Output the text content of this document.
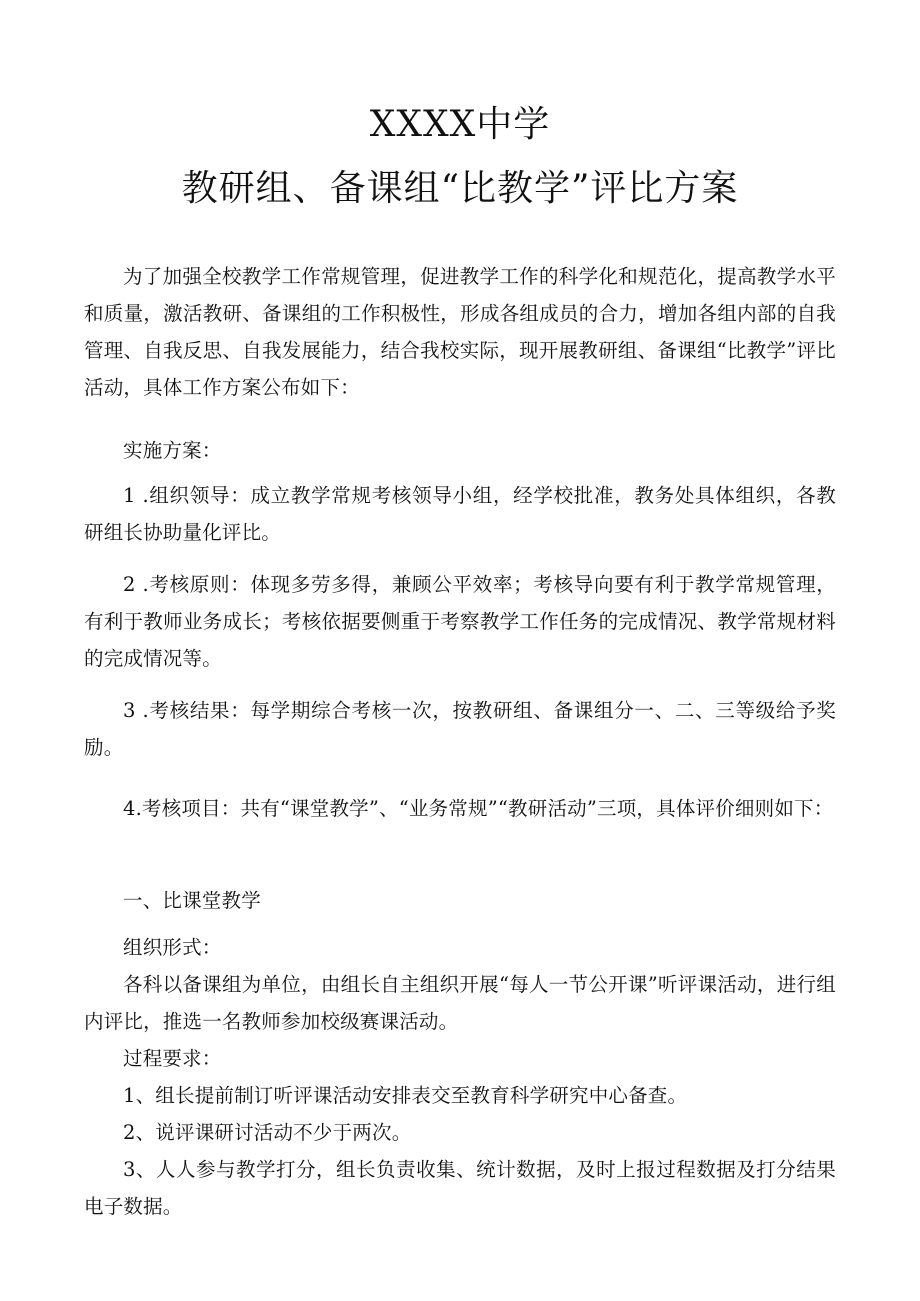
XXXX中学
教研组、备课组“比教学”评比方案
为了加强全校教学工作常规管理，促进教学工作的科学化和规范化，提高教学水平和质量，激活教研、备课组的工作积极性，形成各组成员的合力，增加各组内部的自我管理、自我反思、自我发展能力，结合我校实际，现开展教研组、备课组“比教学”评比活动，具体工作方案公布如下：
实施方案：
1 .组织领导：成立教学常规考核领导小组，经学校批准，教务处具体组织，各教研组长协助量化评比。
2 .考核原则：体现多劳多得，兼顾公平效率；考核导向要有利于教学常规管理，有利于教师业务成长；考核依据要侧重于考察教学工作任务的完成情况、教学常规材料的完成情况等。
3 .考核结果：每学期综合考核一次，按教研组、备课组分一、二、三等级给予奖励。
4.考核项目：共有“课堂教学”、“业务常规”“教研活动”三项，具体评价细则如下：
一、比课堂教学
组织形式：
各科以备课组为单位，由组长自主组织开展“每人一节公开课”听评课活动，进行组内评比，推选一名教师参加校级赛课活动。
过程要求：
1、组长提前制订听评课活动安排表交至教育科学研究中心备查。
2、说评课研讨活动不少于两次。
3、人人参与教学打分，组长负责收集、统计数据，及时上报过程数据及打分结果电子数据。
